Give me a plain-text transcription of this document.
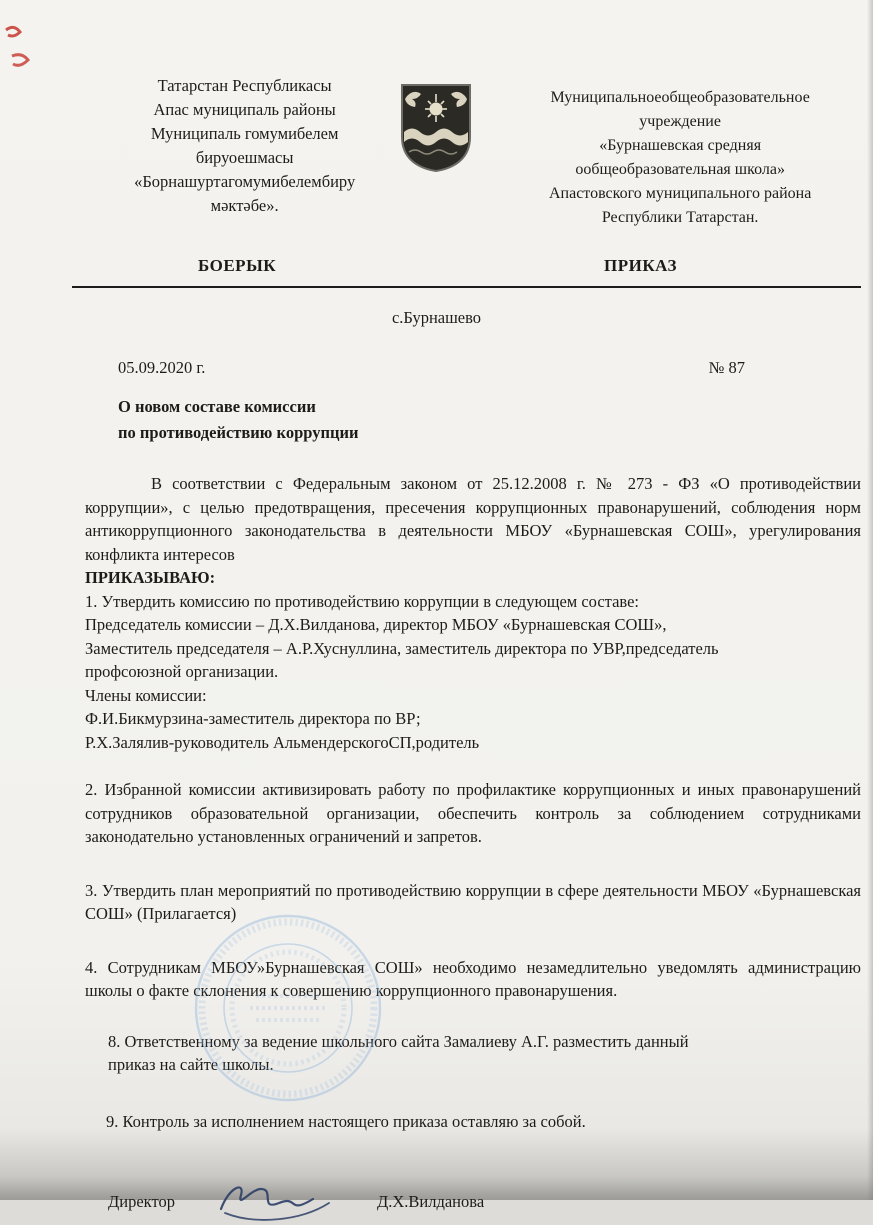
Татарстан Республикасы
Апас муниципаль районы
Муниципаль гомумибелем
бируоешмасы
«Борнашуртагомумибелембиру
мәктәбе».
Муниципальноеобщеобразовательное
учреждение
«Бурнашевская средняя
ообщеобразовательная школа»
Апастовского муниципального района
Республики Татарстан.
БОЕРЫК	ПРИКАЗ
с.Бурнашево
05.09.2020 г.	№ 87
О новом составе комиссии
по противодействию коррупции

В соответствии с Федеральным законом от 25.12.2008 г. № 273 - ФЗ «О противодействии коррупции», с целью предотвращения, пресечения коррупционных правонарушений, соблюдения норм антикоррупционного законодательства в деятельности МБОУ «Бурнашевская СОШ», урегулирования конфликта интересов

ПРИКАЗЫВАЮ:

1. Утвердить комиссию по противодействию коррупции в следующем составе:
Председатель комиссии – Д.Х.Вилданова, директор МБОУ «Бурнашевская СОШ»,
Заместитель председателя – А.Р.Хуснуллина, заместитель директора по УВР,председатель
профсоюзной организации.
Члены комиссии:
Ф.И.Бикмурзина-заместитель директора по ВР;
Р.Х.Залялив-руководитель АльмендерскогоСП,родитель

2. Избранной комиссии активизировать работу по профилактике коррупционных и иных правонарушений сотрудников образовательной организации, обеспечить контроль за соблюдением сотрудниками законодательно установленных ограничений и запретов.

3. Утвердить план мероприятий по противодействию коррупции в сфере деятельности МБОУ «Бурнашевская СОШ» (Прилагается)

4. Сотрудникам МБОУ»Бурнашевская СОШ» необходимо незамедлительно уведомлять администрацию школы о факте склонения к совершению коррупционного правонарушения.

8. Ответственному за ведение школьного сайта Замалиеву А.Г. разместить данный
приказ на сайте школы.

9. Контроль за исполнением настоящего приказа оставляю за собой.

Директор	Д.Х.Вилданова
